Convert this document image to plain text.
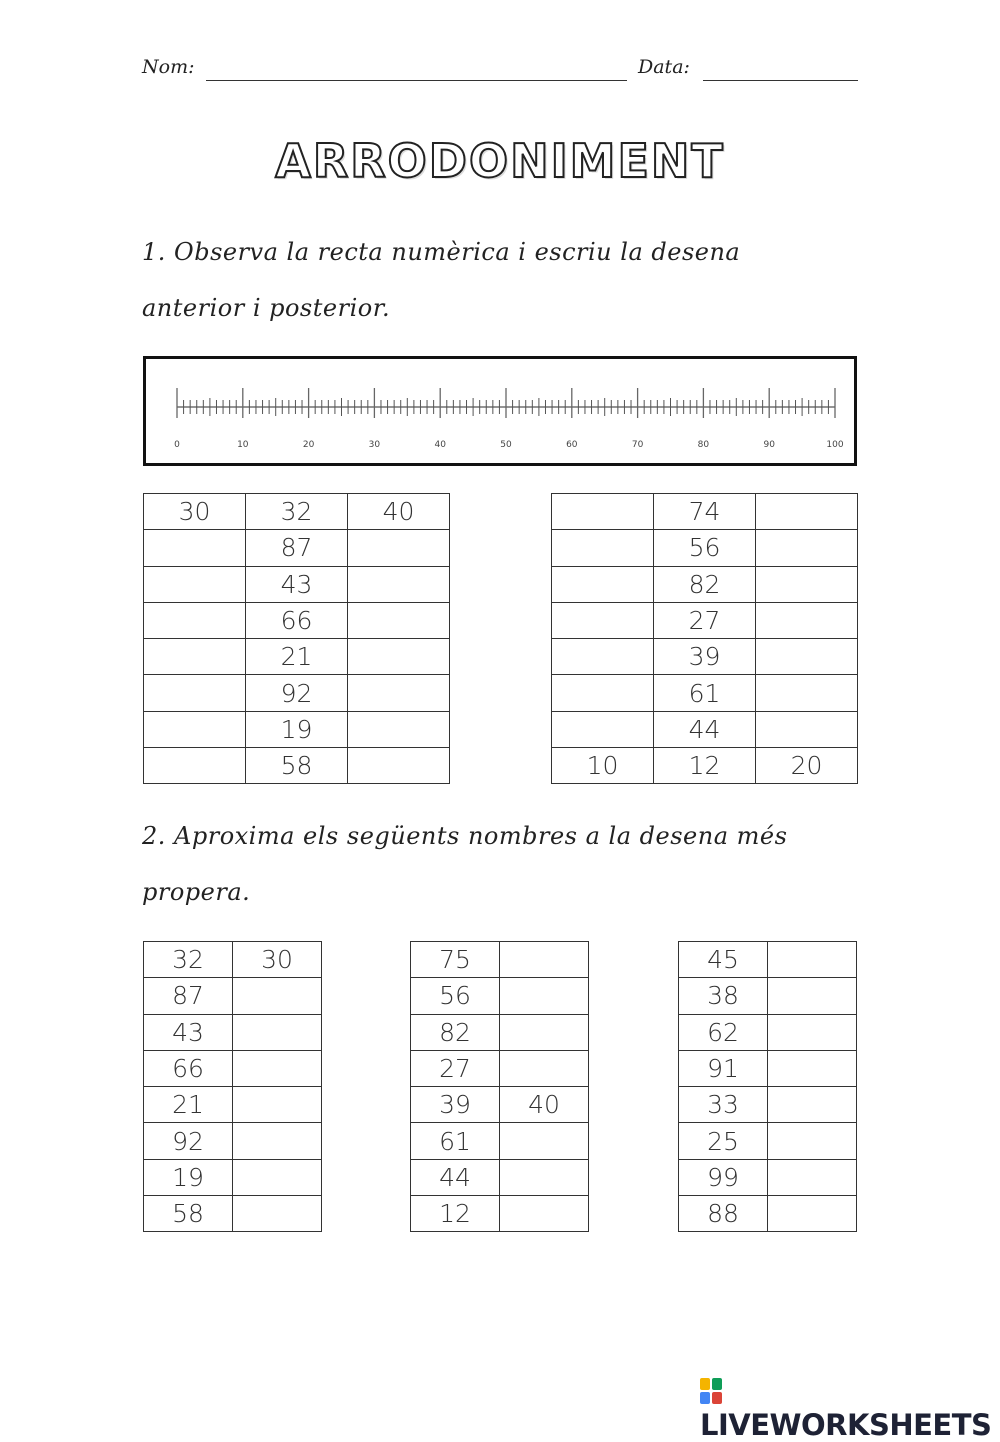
Nom:	Data:
ARRODONIMENT
1. Observa la recta numèrica i escriu la desena
anterior i posterior.
0	10	20	30	40	50	60	70	80	90	100
30	32	40
	87	
	43	
	66	
	21	
	92	
	19	
	58	
	74	
	56	
	82	
	27	
	39	
	61	
	44	
10	12	20
2. Aproxima els següents nombres a la desena més
propera.
32	30
87	
43	
66	
21	
92	
19	
58	
75	
56	
82	
27	
39	40
61	
44	
12	
45	
38	
62	
91	
33	
25	
99	
88	
LIVEWORKSHEETS
